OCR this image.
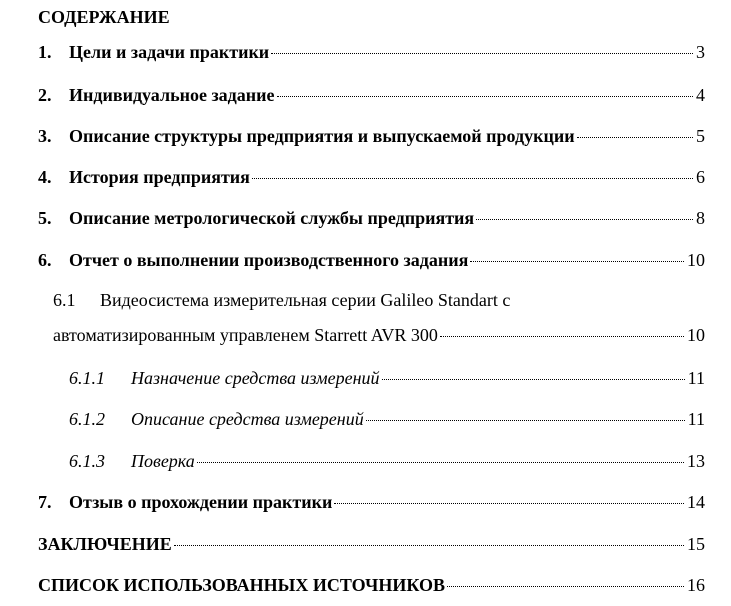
СОДЕРЖАНИЕ
1. Цели и задачи практики	3
2. Индивидуальное задание	4
3. Описание структуры предприятия и выпускаемой продукции	5
4. История предприятия	6
5. Описание метрологической службы предприятия	8
6. Отчет о выполнении производственного задания	10
6.1 Видеосистема измерительная серии Galileo Standart с
автоматизированным управленем Starrett AVR 300	10
6.1.1	Назначение средства измерений	11
6.1.2	Описание средства измерений	11
6.1.3	Поверка	13
7. Отзыв о прохождении практики	14
ЗАКЛЮЧЕНИЕ	15
СПИСОК ИСПОЛЬЗОВАННЫХ ИСТОЧНИКОВ	16
